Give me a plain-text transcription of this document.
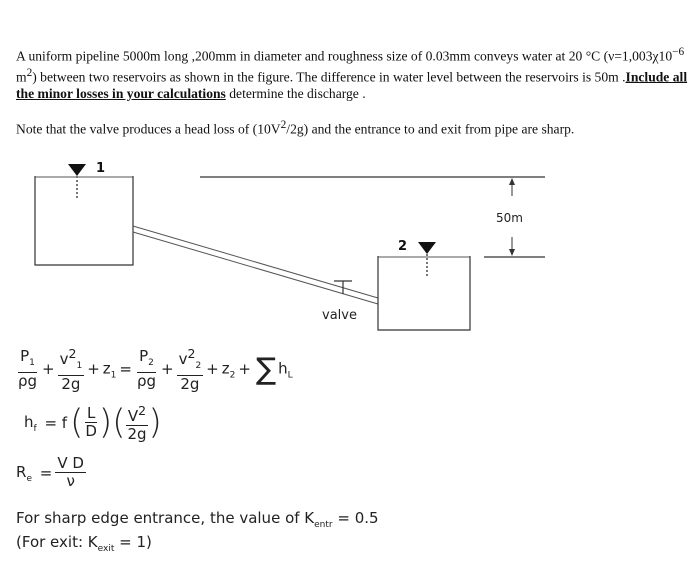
A uniform pipeline 5000m long ,200mm in diameter and roughness size of 0.03mm conveys water at 20 °C ($\nu=1,003\chi 10^{-6}$ $m^2$) between two reservoirs as shown in the figure. The difference in water level between the reservoirs is 50m .Include all the minor losses in your calculations determine the discharge .
Note that the valve produces a head loss of $(10V^2/2g)$ and the entrance to and exit from pipe are sharp.
1
valve
2
50m
$\frac{P_1}{\rho g} + \frac{v^2_1}{2g} + z_1 = \frac{P_2}{\rho g} + \frac{v^2_2}{2g} + z_2$ + ∑ $h_L$
$h_f = f( \frac{L}{D}$ )( $\frac{V^2}{2g}$ )
$R_e = \frac{\text{V D}}{\nu}$
For sharp edge entrance, the value of $K_{entr} = 0.5$
(For exit: $K_{exit} = 1$)
